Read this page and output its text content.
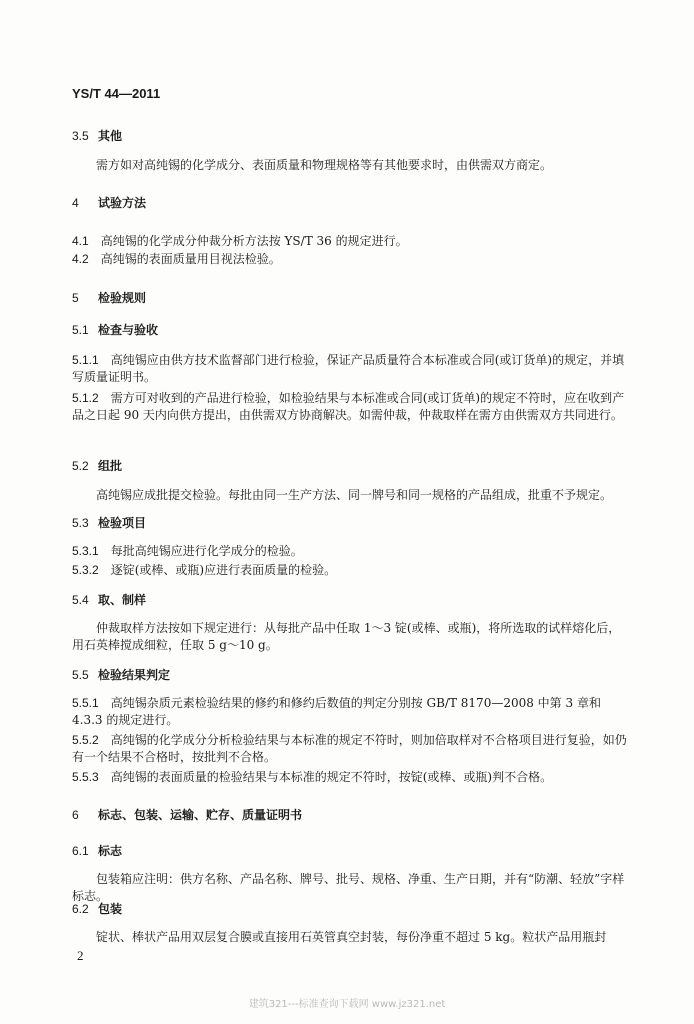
YS/T 44—2011
3.5 其他

需方如对高纯锡的化学成分、表面质量和物理规格等有其他要求时，由供需双方商定。

4 试验方法

4.1 高纯锡的化学成分仲裁分析方法按 YS/T 36 的规定进行。

4.2 高纯锡的表面质量用目视法检验。

5 检验规则
5.1 检查与验收

5.1.1 高纯锡应由供方技术监督部门进行检验，保证产品质量符合本标准或合同(或订货单)的规定，并填写质量证明书。

5.1.2 需方可对收到的产品进行检验，如检验结果与本标准或合同(或订货单)的规定不符时，应在收到产品之日起 90 天内向供方提出，由供需双方协商解决。如需仲裁，仲裁取样在需方由供需双方共同进行。

5.2 组批

高纯锡应成批提交检验。每批由同一生产方法、同一牌号和同一规格的产品组成，批重不予规定。

5.3 检验项目

5.3.1 每批高纯锡应进行化学成分的检验。

5.3.2 逐锭(或棒、或瓶)应进行表面质量的检验。

5.4 取、制样

仲裁取样方法按如下规定进行：从每批产品中任取 1～3 锭(或棒、或瓶)，将所选取的试样熔化后，用石英棒搅成细粒，任取 5 g～10 g。

5.5 检验结果判定

5.5.1 高纯锡杂质元素检验结果的修约和修约后数值的判定分别按 GB/T 8170—2008 中第 3 章和 4.3.3 的规定进行。

5.5.2 高纯锡的化学成分分析检验结果与本标准的规定不符时，则加倍取样对不合格项目进行复验，如仍有一个结果不合格时，按批判不合格。

5.5.3 高纯锡的表面质量的检验结果与本标准的规定不符时，按锭(或棒、或瓶)判不合格。

6 标志、包装、运输、贮存、质量证明书
6.1 标志

包装箱应注明：供方名称、产品名称、牌号、批号、规格、净重、生产日期，并有“防潮、轻放”字样标志。

6.2 包装

锭状、棒状产品用双层复合膜或直接用石英管真空封装，每份净重不超过 5 kg。粒状产品用瓶封

2
建筑321---标准查询下载网 www.jz321.net
